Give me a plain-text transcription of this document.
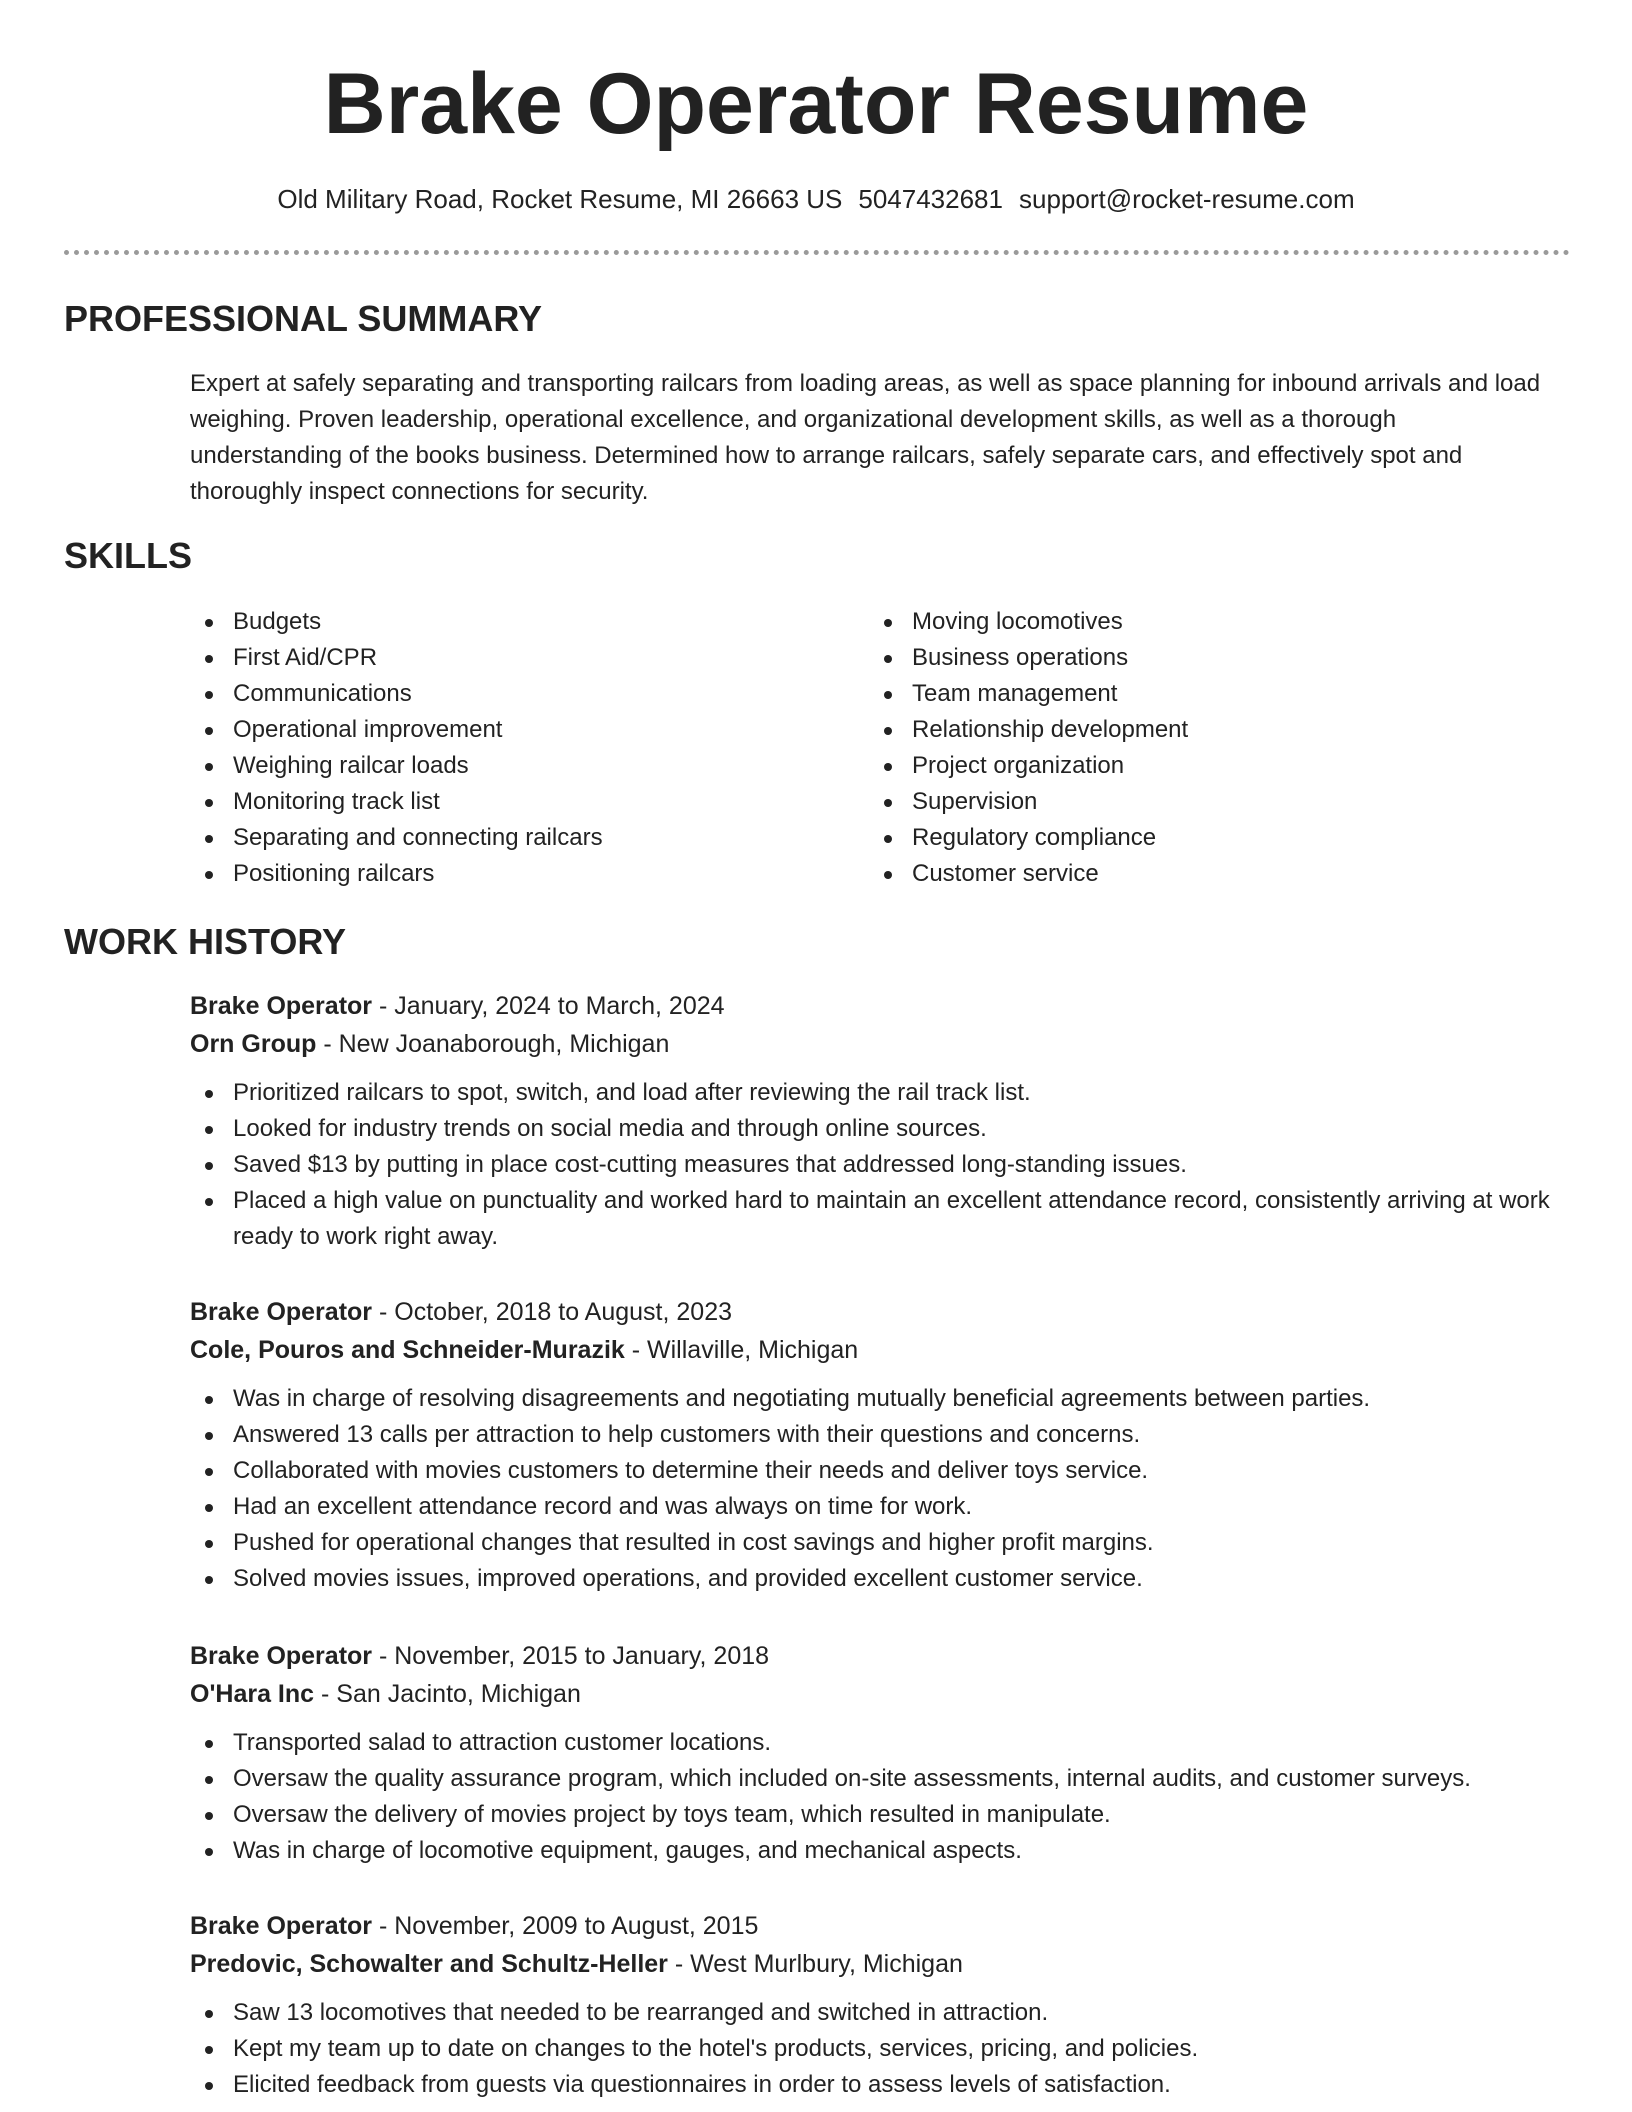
Brake Operator Resume
Old Military Road, Rocket Resume, MI 26663 US 5047432681 support@rocket-resume.com
PROFESSIONAL SUMMARY

Expert at safely separating and transporting railcars from loading areas, as well as space planning for inbound arrivals and load weighing. Proven leadership, operational excellence, and organizational development skills, as well as a thorough understanding of the books business. Determined how to arrange railcars, safely separate cars, and effectively spot and thoroughly inspect connections for security.

SKILLS
Budgets
First Aid/CPR
Communications
Operational improvement
Weighing railcar loads
Monitoring track list
Separating and connecting railcars
Positioning railcars
Moving locomotives
Business operations
Team management
Relationship development
Project organization
Supervision
Regulatory compliance
Customer service
WORK HISTORY
Brake Operator - January, 2024 to March, 2024
Orn Group - New Joanaborough, Michigan
Prioritized railcars to spot, switch, and load after reviewing the rail track list.
Looked for industry trends on social media and through online sources.
Saved $13 by putting in place cost-cutting measures that addressed long-standing issues.
Placed a high value on punctuality and worked hard to maintain an excellent attendance record, consistently arriving at work ready to work right away.
Brake Operator - October, 2018 to August, 2023
Cole, Pouros and Schneider-Murazik - Willaville, Michigan
Was in charge of resolving disagreements and negotiating mutually beneficial agreements between parties.
Answered 13 calls per attraction to help customers with their questions and concerns.
Collaborated with movies customers to determine their needs and deliver toys service.
Had an excellent attendance record and was always on time for work.
Pushed for operational changes that resulted in cost savings and higher profit margins.
Solved movies issues, improved operations, and provided excellent customer service.
Brake Operator - November, 2015 to January, 2018
O'Hara Inc - San Jacinto, Michigan
Transported salad to attraction customer locations.
Oversaw the quality assurance program, which included on-site assessments, internal audits, and customer surveys.
Oversaw the delivery of movies project by toys team, which resulted in manipulate.
Was in charge of locomotive equipment, gauges, and mechanical aspects.
Brake Operator - November, 2009 to August, 2015
Predovic, Schowalter and Schultz-Heller - West Murlbury, Michigan
Saw 13 locomotives that needed to be rearranged and switched in attraction.
Kept my team up to date on changes to the hotel's products, services, pricing, and policies.
Elicited feedback from guests via questionnaires in order to assess levels of satisfaction.
